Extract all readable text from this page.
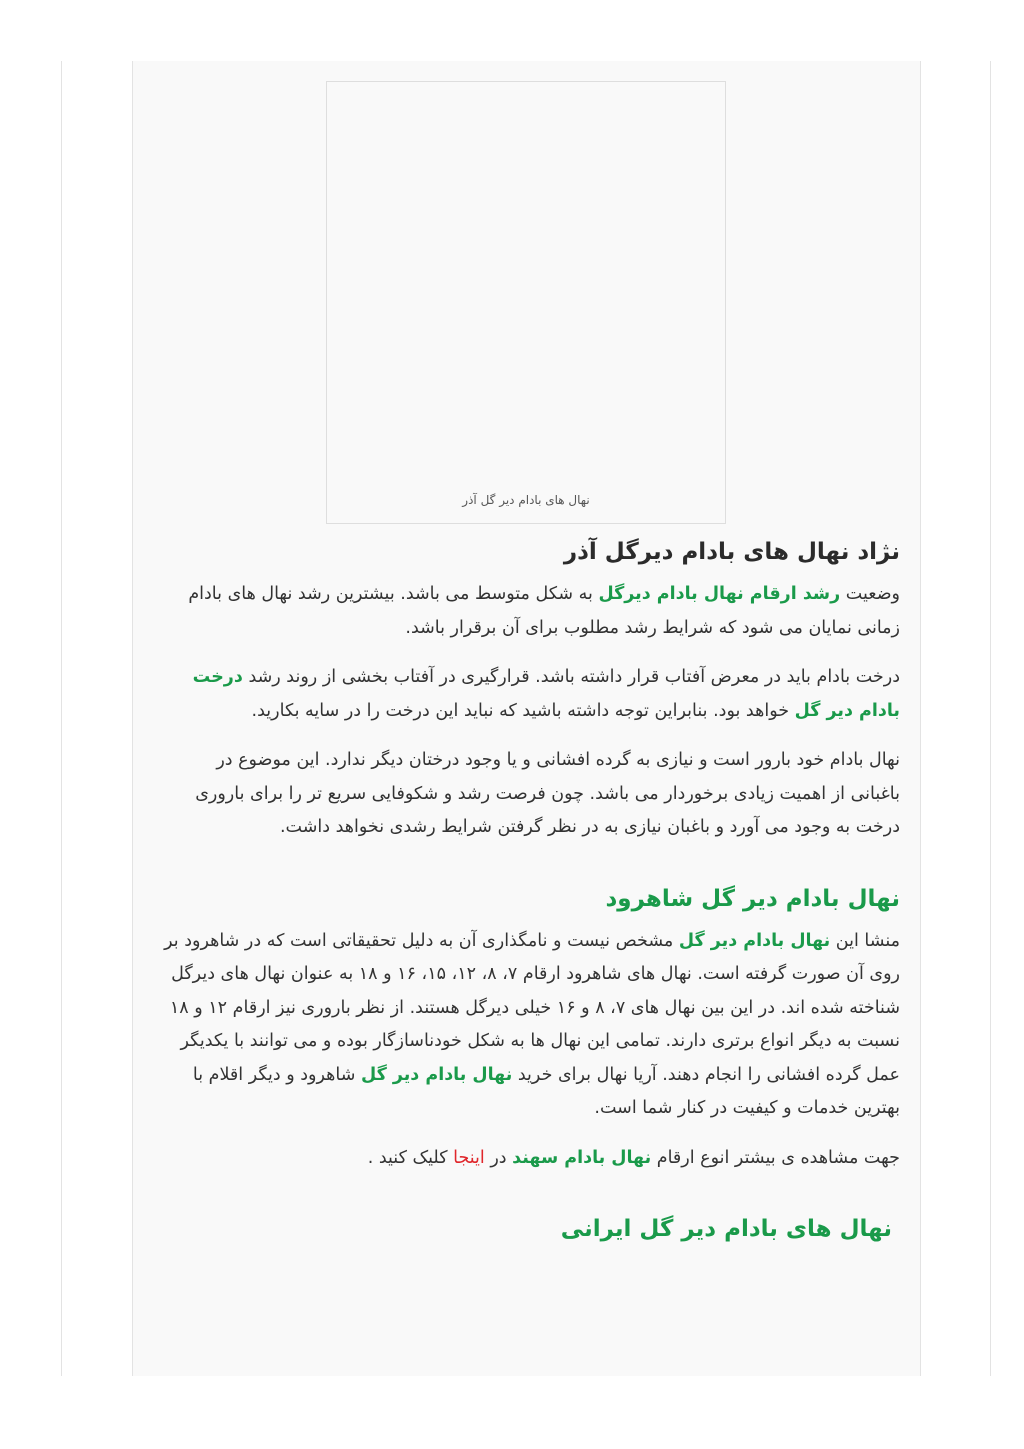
نهال های بادام دیر گل آذر
نژاد نهال های بادام دیرگل آذر

وضعیت رشد ارقام نهال بادام دیرگل به شکل متوسط می باشد. بیشترین رشد نهال های بادام زمانی نمایان می شود که شرایط رشد مطلوب برای آن برقرار باشد.

درخت بادام باید در معرض آفتاب قرار داشته باشد. قرارگیری در آفتاب بخشی از روند رشد درخت بادام دیر گل خواهد بود. بنابراین توجه داشته باشید که نباید این درخت را در سایه بکارید.

نهال بادام خود بارور است و نیازی به گرده افشانی و یا وجود درختان دیگر ندارد. این موضوع در باغبانی از اهمیت زیادی برخوردار می باشد. چون فرصت رشد و شکوفایی سریع تر را برای باروری درخت به وجود می آورد و باغبان نیازی به در نظر گرفتن شرایط رشدی نخواهد داشت.

نهال بادام دیر گل شاهرود

منشا این نهال بادام دیر گل مشخص نیست و نامگذاری آن به دلیل تحقیقاتی است که در شاهرود بر روی آن صورت گرفته است. نهال های شاهرود ارقام ۷، ۸، ۱۲، ۱۵، ۱۶ و ۱۸ به عنوان نهال های دیرگل شناخته شده اند. در این بین نهال های ۷، ۸ و ۱۶ خیلی دیرگل هستند. از نظر باروری نیز ارقام ۱۲ و ۱۸ نسبت به دیگر انواع برتری دارند. تمامی این نهال ها به شکل خودناسازگار بوده و می توانند با یکدیگر عمل گرده افشانی را انجام دهند. آریا نهال برای خرید نهال بادام دیر گل شاهرود و دیگر اقلام با بهترین خدمات و کیفیت در کنار شما است.

جهت مشاهده ی بیشتر انوع ارقام نهال بادام سهند در اینجا کلیک کنید .

نهال های بادام دیر گل ایرانی
